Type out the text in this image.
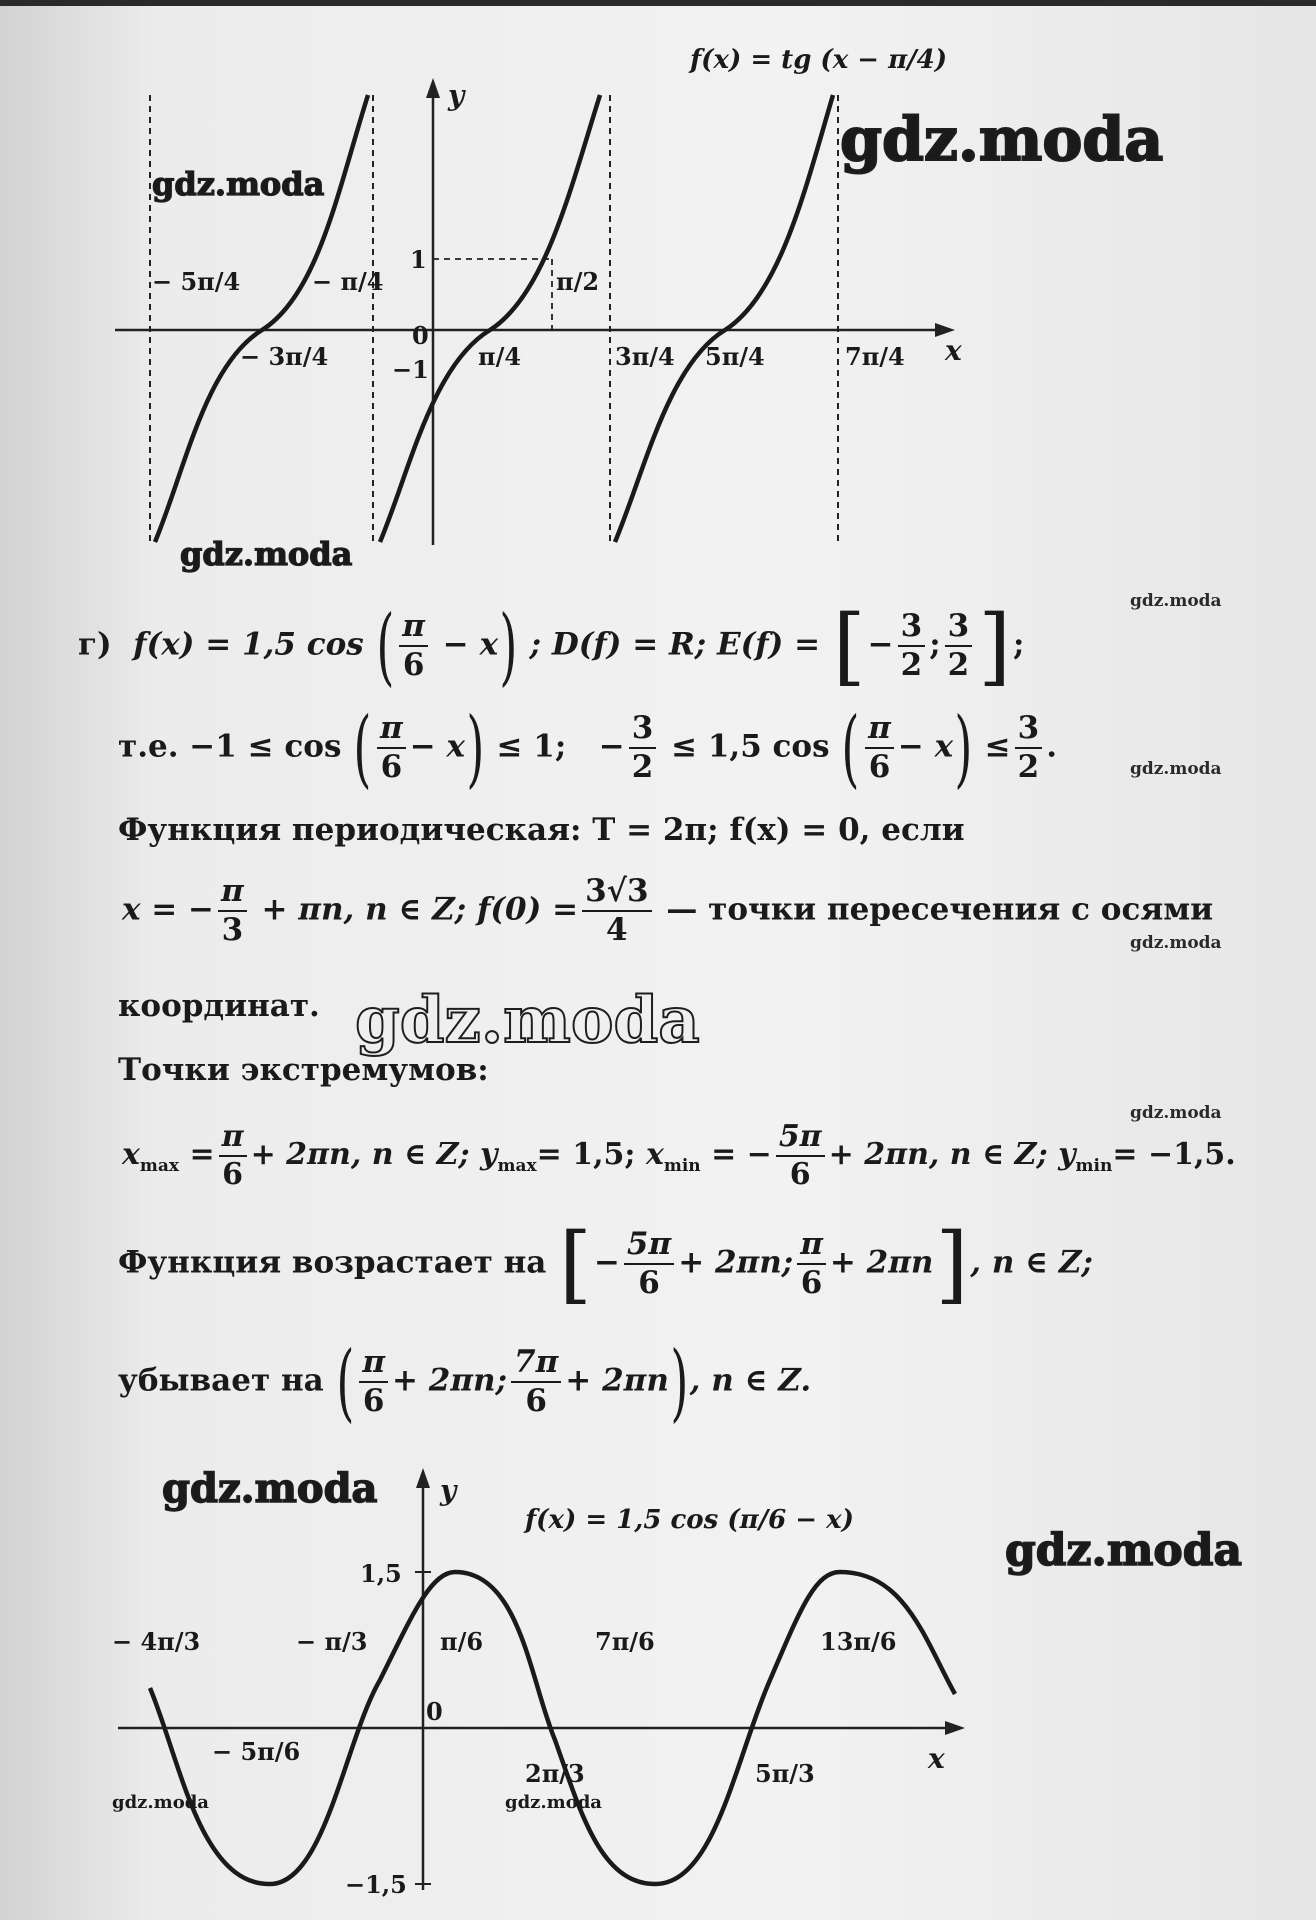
f(x) = tg (x − π/4)
y
x
0
1
−1
− 5π/4	− π/4
− 3π/4	π/4
π/2
3π/4 5π/4	7π/4
gdz.moda
gdz.moda
gdz.moda
г) f(x) = 1,5 cos ( $\frac{\pi}{6} - x$) ; D(f) = R; E(f) = [− $\frac{3}{2}$ ; $\frac{3}{2}$ ];
т.е. −1 ≤ cos ( $\frac{\pi}{6} - x) \le 1$; − $\frac{3}{2} \le 1,5$ cos ( $\frac{\pi}{6} - x) \le \frac{3}{2}$ .
Функция периодическая: T = 2π; f(x) = 0, если
x = − $\frac{\pi}{3} + \pi n$, n ∈ Z; $f(0) = \frac{3√3}{4}$ — точки пересечения с осями
координат. gdz.moda
gdz.moda
gdz.moda
gdz.moda
gdz.moda
Точки экстремумов:
$x_{max} = \frac{\pi}{6} + 2\pi n$, n ∈ Z; $y_{max}= 1,5$; $x_{min}$ = − $\frac{5\pi}{6} + 2\pi n$, n ∈ Z; $y_{min}= -1,5$.
Функция возрастает на [− $\frac{5\pi}{6} + 2\pi n$; $\frac{\pi}{6} + 2\pi n$], n ∈ Z;
убывает на ( $\frac{\pi}{6} + 2\pi n$; $\frac{7\pi}{6} + 2\pi n$), n ∈ Z.
f(x) = 1,5 cos (π/6 − x)
y
x
0
1,5
−1,5
− 4π/3	− π/3
− 5π/6
π/6	7π/6	13π/6
2π/3	5π/3
gdz.moda
gdz.moda
gdz.moda	gdz.moda
